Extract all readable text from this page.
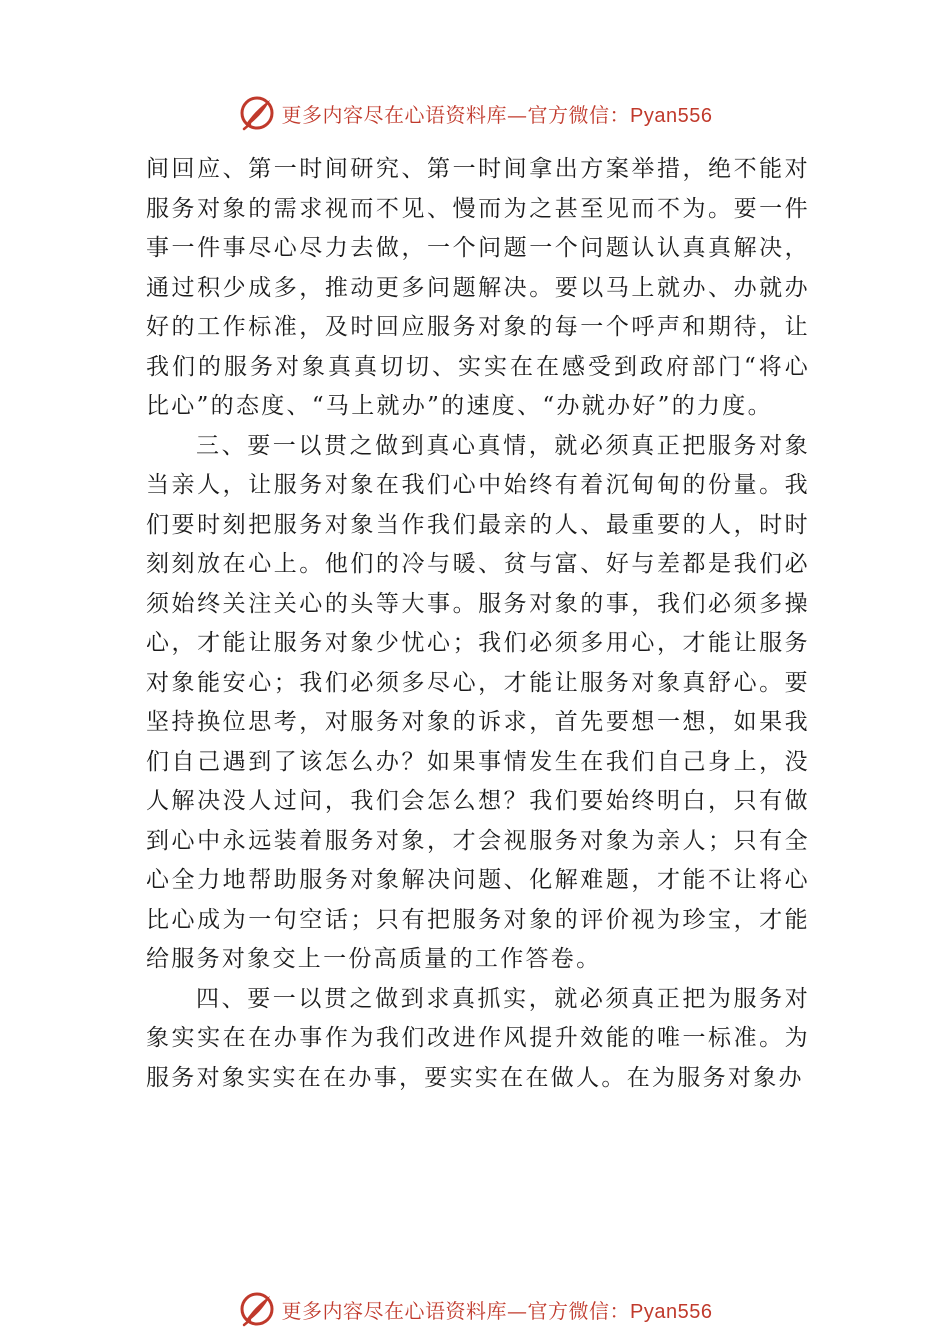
更多内容尽在心语资料库—官方微信：Pyan556

间回应、第一时间研究、第一时间拿出方案举措，绝不能对服务对象的需求视而不见、慢而为之甚至见而不为。要一件事一件事尽心尽力去做，一个问题一个问题认认真真解决， 通过积少成多，推动更多问题解决。要以马上就办、办就办好的工作标准，及时回应服务对象的每一个呼声和期待，让我们的服务对象真真切切、实实在在感受到政府部门“将心比心”的态度、“马上就办”的速度、“办就办好”的力度。

三、要一以贯之做到真心真情，就必须真正把服务对象当亲人，让服务对象在我们心中始终有着沉甸甸的份量。我们要时刻把服务对象当作我们最亲的人、最重要的人，时时刻刻放在心上。他们的冷与暖、贫与富、好与差都是我们必须始终关注关心的头等大事。服务对象的事，我们必须多操心，才能让服务对象少忧心；我们必须多用心，才能让服务对象能安心；我们必须多尽心，才能让服务对象真舒心。要坚持换位思考，对服务对象的诉求，首先要想一想，如果我们自己遇到了该怎么办？如果事情发生在我们自己身上，没人解决没人过问，我们会怎么想？我们要始终明白，只有做到心中永远装着服务对象，才会视服务对象为亲人；只有全心全力地帮助服务对象解决问题、化解难题，才能不让将心比心成为一句空话；只有把服务对象的评价视为珍宝，才能给服务对象交上一份高质量的工作答卷。

四、要一以贯之做到求真抓实，就必须真正把为服务对象实实在在办事作为我们改进作风提升效能的唯一标准。为服务对象实实在在办事，要实实在在做人。在为服务对象办

更多内容尽在心语资料库—官方微信：Pyan556
